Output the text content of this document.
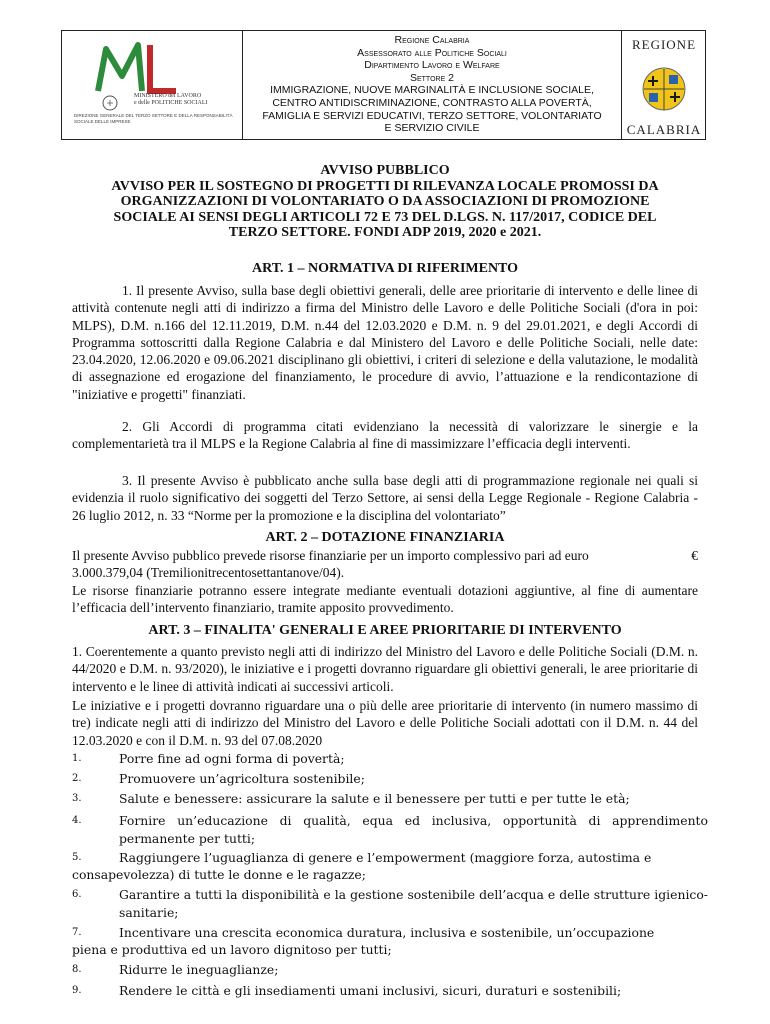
MINISTERO del LAVORO
e delle POLITICHE SOCIALI
DIREZIONE GENERALE DEL TERZO SETTORE E DELLA RESPONSABILITÀ SOCIALE DELLE IMPRESE
Regione Calabria
Assessorato alle Politiche Sociali
Dipartimento Lavoro e Welfare
Settore 2
IMMIGRAZIONE, NUOVE MARGINALITÀ E INCLUSIONE SOCIALE, CENTRO ANTIDISCRIMINAZIONE, CONTRASTO ALLA POVERTÀ, FAMIGLIA E SERVIZI EDUCATIVI, TERZO SETTORE, VOLONTARIATO E SERVIZIO CIVILE
REGIONE
CALABRIA
AVVISO PUBBLICO
AVVISO PER IL SOSTEGNO DI PROGETTI DI RILEVANZA LOCALE PROMOSSI DA
ORGANIZZAZIONI DI VOLONTARIATO O DA ASSOCIAZIONI DI PROMOZIONE
SOCIALE AI SENSI DEGLI ARTICOLI 72 E 73 DEL D.LGS. N. 117/2017, CODICE DEL
TERZO SETTORE. FONDI ADP 2019, 2020 e 2021.
ART. 1 – NORMATIVA DI RIFERIMENTO
1. Il presente Avviso, sulla base degli obiettivi generali, delle aree prioritarie di intervento e delle linee di attività contenute negli atti di indirizzo a firma del Ministro delle Lavoro e delle Politiche Sociali (d'ora in poi: MLPS), D.M. n.166 del 12.11.2019, D.M. n.44 del 12.03.2020 e D.M. n. 9 del 29.01.2021, e degli Accordi di Programma sottoscritti dalla Regione Calabria e dal Ministero del Lavoro e delle Politiche Sociali, nelle date: 23.04.2020, 12.06.2020 e 09.06.2021 disciplinano gli obiettivi, i criteri di selezione e della valutazione, le modalità di assegnazione ed erogazione del finanziamento, le procedure di avvio, l’attuazione e la rendicontazione di "iniziative e progetti" finanziati.
2. Gli Accordi di programma citati evidenziano la necessità di valorizzare le sinergie e la complementarietà tra il MLPS e la Regione Calabria al fine di massimizzare l’efficacia degli interventi.
3. Il presente Avviso è pubblicato anche sulla base degli atti di programmazione regionale nei quali si evidenzia il ruolo significativo dei soggetti del Terzo Settore, ai sensi della Legge Regionale - Regione Calabria - 26 luglio 2012, n. 33 “Norme per la promozione e la disciplina del volontariato”
ART. 2 – DOTAZIONE FINANZIARIA
Il presente Avviso pubblico prevede risorse finanziarie per un importo complessivo pari ad euro	€

3.000.379,04 (Tremilionitrecentosettantanove/04).
Le risorse finanziarie potranno essere integrate mediante eventuali dotazioni aggiuntive, al fine di aumentare l’efficacia dell’intervento finanziario, tramite apposito provvedimento.
ART. 3 – FINALITA' GENERALI E AREE PRIORITARIE DI INTERVENTO
1. Coerentemente a quanto previsto negli atti di indirizzo del Ministro del Lavoro e delle Politiche Sociali (D.M. n. 44/2020 e D.M. n. 93/2020), le iniziative e i progetti dovranno riguardare gli obiettivi generali, le aree prioritarie di intervento e le linee di attività indicati ai successivi articoli.
Le iniziative e i progetti dovranno riguardare una o più delle aree prioritarie di intervento (in numero massimo di tre) indicate negli atti di indirizzo del Ministro del Lavoro e delle Politiche Sociali adottati con il D.M. n. 44 del 12.03.2020 e con il D.M. n. 93 del 07.08.2020
1.	Porre fine ad ogni forma di povertà;
2.	Promuovere un’agricoltura sostenibile;
3.	Salute e benessere: assicurare la salute e il benessere per tutti e per tutte le età;
4.	Fornire un’educazione di qualità, equa ed inclusiva, opportunità di apprendimento permanente per tutti;
5.	Raggiungere l’uguaglianza di genere e l’empowerment (maggiore forza, autostima e
consapevolezza) di tutte le donne e le ragazze;
6.	Garantire a tutti la disponibilità e la gestione sostenibile dell’acqua e delle strutture igienico-sanitarie;
7.	Incentivare una crescita economica duratura, inclusiva e sostenibile, un’occupazione
piena e produttiva ed un lavoro dignitoso per tutti;
8.	Ridurre le ineguaglianze;
9.	Rendere le città e gli insediamenti umani inclusivi, sicuri, duraturi e sostenibili;
